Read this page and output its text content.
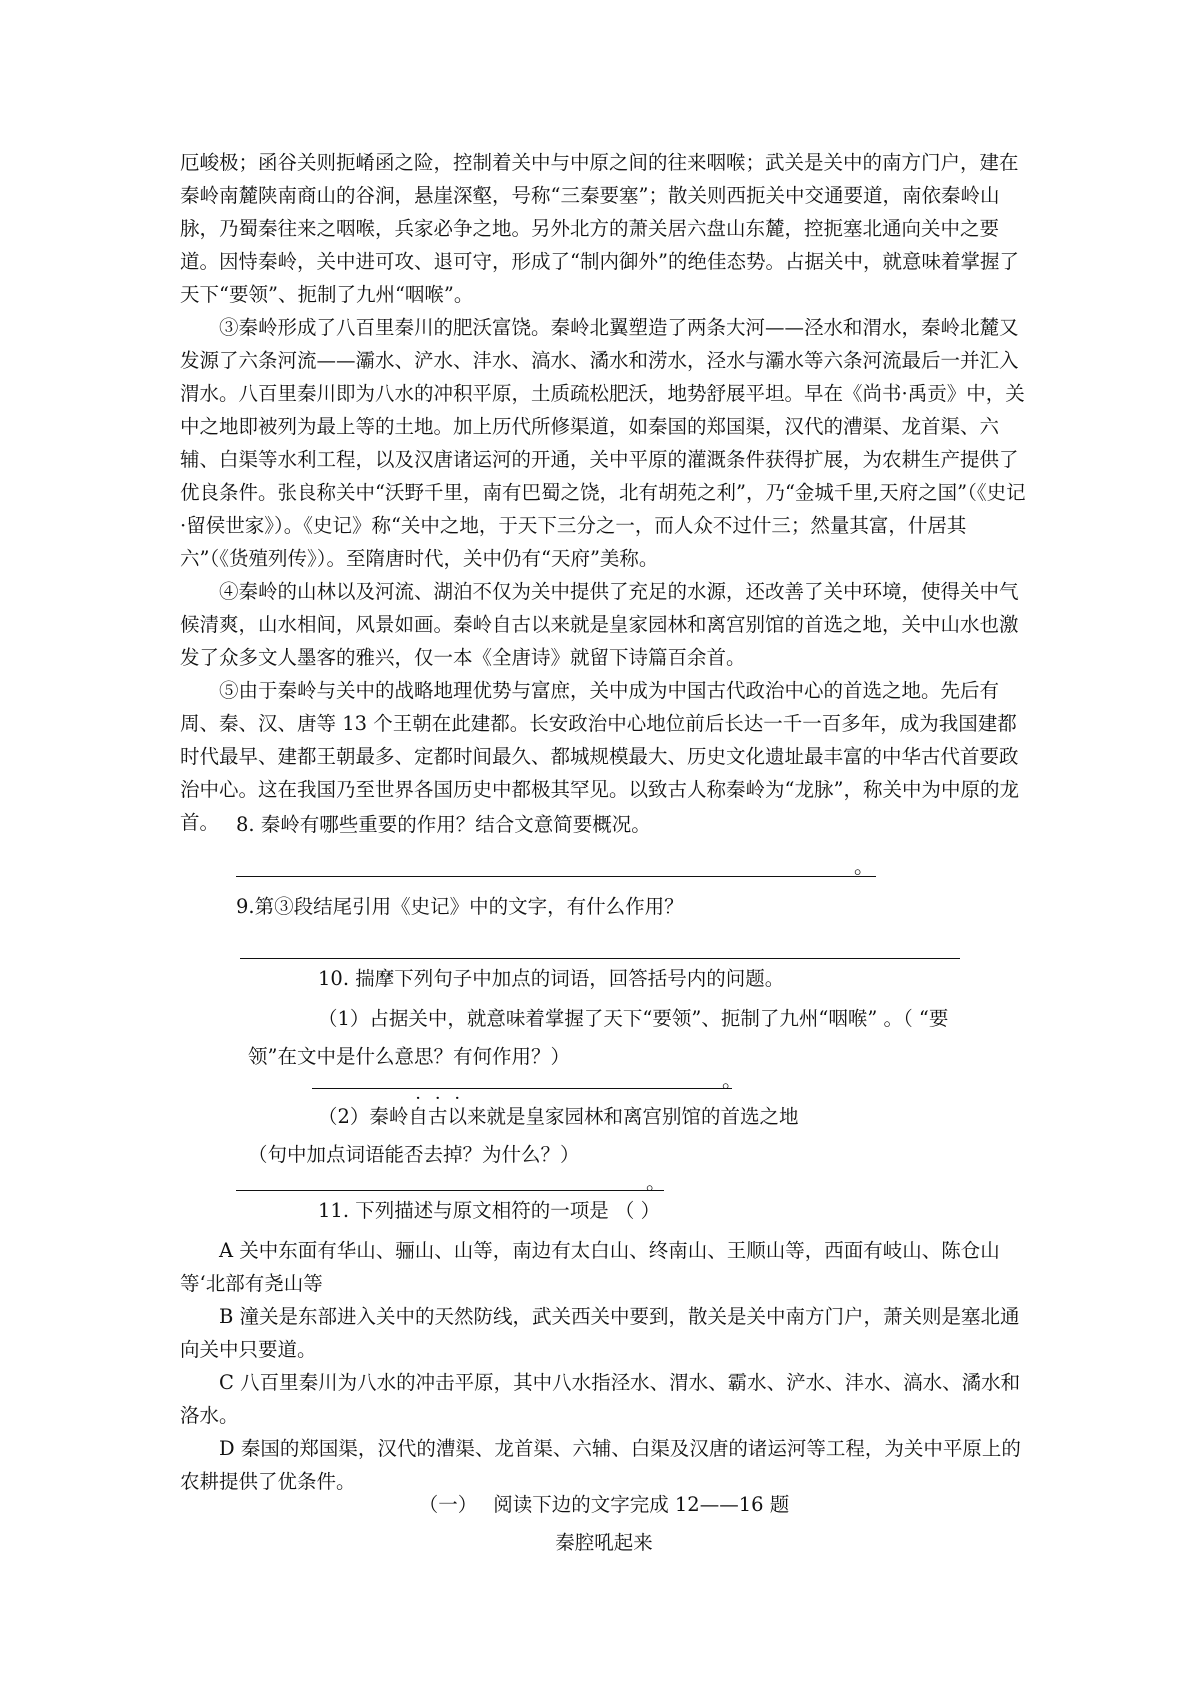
厄峻极；函谷关则扼崤函之险，控制着关中与中原之间的往来咽喉；武关是关中的南方门户，建在秦岭南麓陕南商山的谷涧，悬崖深壑，号称“三秦要塞”；散关则西扼关中交通要道，南依秦岭山脉，乃蜀秦往来之咽喉，兵家必争之地。另外北方的萧关居六盘山东麓，控扼塞北通向关中之要道。因恃秦岭，关中进可攻、退可守，形成了“制内御外”的绝佳态势。占据关中，就意味着掌握了天下“要领”、扼制了九州“咽喉”。

③秦岭形成了八百里秦川的肥沃富饶。秦岭北翼塑造了两条大河——泾水和渭水，秦岭北麓又发源了六条河流——灞水、浐水、沣水、滈水、潏水和涝水，泾水与灞水等六条河流最后一并汇入渭水。八百里秦川即为八水的冲积平原，土质疏松肥沃，地势舒展平坦。早在《尚书·禹贡》中，关中之地即被列为最上等的土地。加上历代所修渠道，如秦国的郑国渠，汉代的漕渠、龙首渠、六辅、白渠等水利工程，以及汉唐诸运河的开通，关中平原的灌溉条件获得扩展，为农耕生产提供了优良条件。张良称关中“沃野千里，南有巴蜀之饶，北有胡苑之利”，乃“金城千里,天府之国”（《史记·留侯世家》）。《史记》称“关中之地，于天下三分之一，而人众不过什三；然量其富，什居其六”（《货殖列传》）。至隋唐时代，关中仍有“天府”美称。

④秦岭的山林以及河流、湖泊不仅为关中提供了充足的水源，还改善了关中环境，使得关中气候清爽，山水相间，风景如画。秦岭自古以来就是皇家园林和离宫别馆的首选之地，关中山水也激发了众多文人墨客的雅兴，仅一本《全唐诗》就留下诗篇百余首。

⑤由于秦岭与关中的战略地理优势与富庶，关中成为中国古代政治中心的首选之地。先后有周、秦、汉、唐等 13 个王朝在此建都。长安政治中心地位前后长达一千一百多年，成为我国建都时代最早、建都王朝最多、定都时间最久、都城规模最大、历史文化遗址最丰富的中华古代首要政治中心。这在我国乃至世界各国历史中都极其罕见。以致古人称秦岭为“龙脉”，称关中为中原的龙首。 8. 秦岭有哪些重要的作用？结合文意简要概况。

。

9.第③段结尾引用《史记》中的文字，有什么作用？

10. 揣摩下列句子中加点的词语，回答括号内的问题。

（1）占据关中，就意味着掌握了天下“要领”、扼制了九州“咽喉” 。（ “要

领”在文中是什么意思？有何作用？）

。

（2）秦岭自古以来就是皇家园林和离宫别馆的首选之地

（句中加点词语能否去掉？为什么？）

。

11. 下列描述与原文相符的一项是 （ ）

A 关中东面有华山、骊山、山等，南边有太白山、终南山、王顺山等，西面有岐山、陈仓山等‘北部有尧山等

B 潼关是东部进入关中的天然防线，武关西关中要到，散关是关中南方门户，萧关则是塞北通向关中只要道。

C 八百里秦川为八水的冲击平原，其中八水指泾水、渭水、霸水、浐水、沣水、滈水、潏水和洛水。

D 秦国的郑国渠，汉代的漕渠、龙首渠、六辅、白渠及汉唐的诸运河等工程，为关中平原上的农耕提供了优条件。

（一）　 阅读下边的文字完成 12——16 题

秦腔吼起来
